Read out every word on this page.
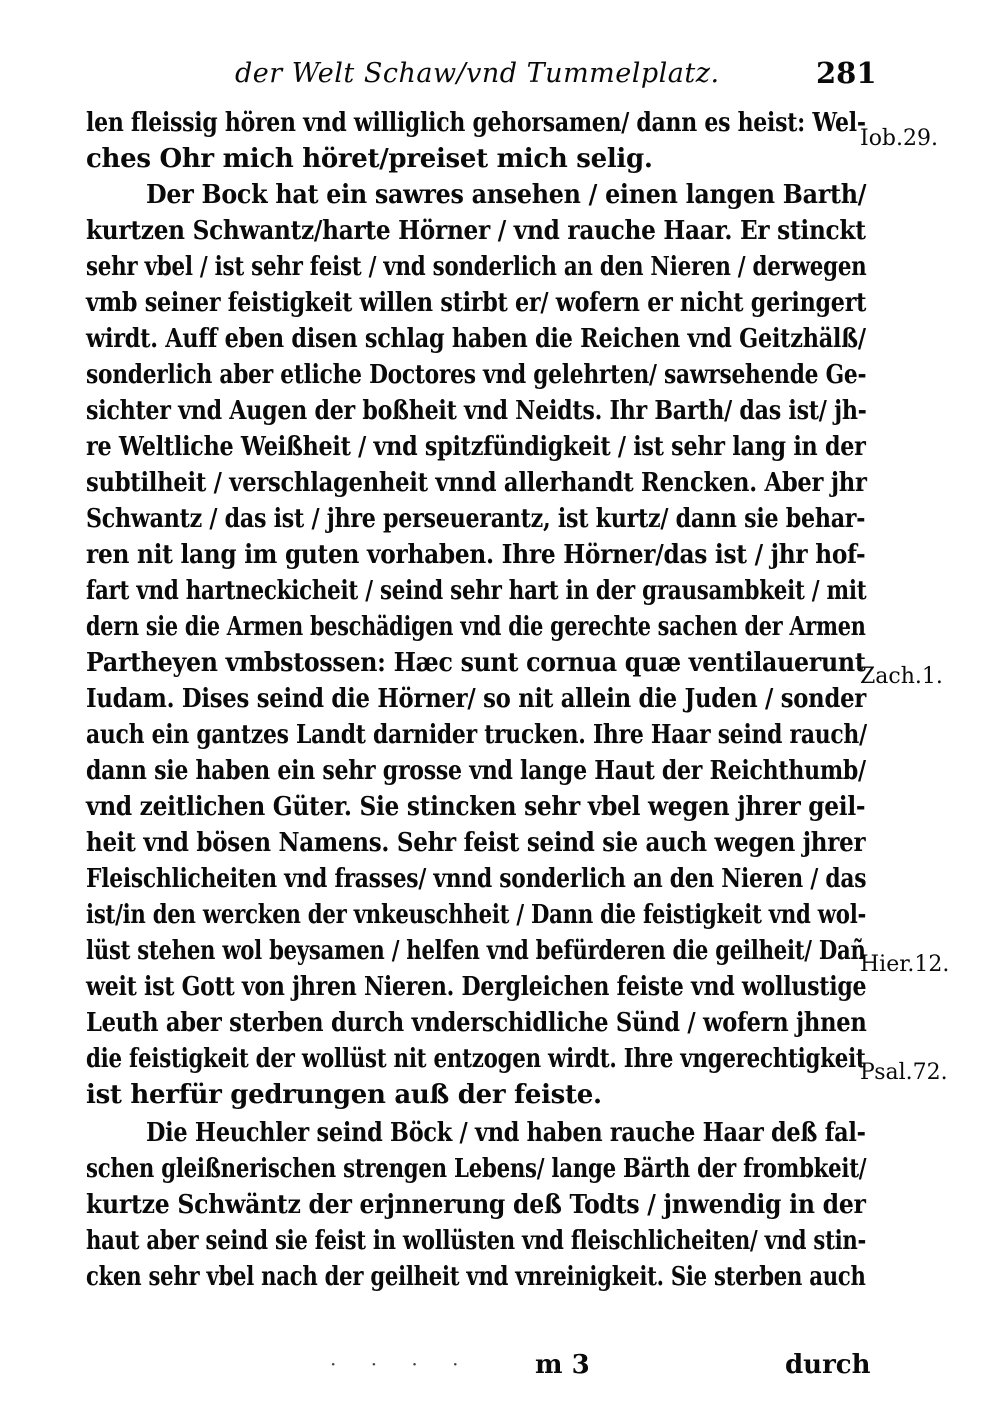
der Welt Schaw/vnd Tummelplatz.	281
len fleissig hören vnd williglich gehorsamen/ dann es heist: Wel-
ches Ohr mich höret/preiset mich selig.
Der Bock hat ein sawres ansehen / einen langen Barth/
kurtzen Schwantz/harte Hörner / vnd rauche Haar. Er stinckt
sehr vbel / ist sehr feist / vnd sonderlich an den Nieren / derwegen
vmb seiner feistigkeit willen stirbt er/ wofern er nicht geringert
wirdt. Auff eben disen schlag haben die Reichen vnd Geitzhälß/
sonderlich aber etliche Doctores vnd gelehrten/ sawrsehende Ge-
sichter vnd Augen der boßheit vnd Neidts. Ihr Barth/ das ist/ jh-
re Weltliche Weißheit / vnd spitzfündigkeit / ist sehr lang in der
subtilheit / verschlagenheit vnnd allerhandt Rencken. Aber jhr
Schwantz / das ist / jhre perseuerantz, ist kurtz/ dann sie behar-
ren nit lang im guten vorhaben. Ihre Hörner/das ist / jhr hof-
fart vnd hartneckicheit / seind sehr hart in der grausambkeit / mit
dern sie die Armen beschädigen vnd die gerechte sachen der Armen
Partheyen vmbstossen: Hæc sunt cornua quæ ventilauerunt
Iudam. Dises seind die Hörner/ so nit allein die Juden / sonder
auch ein gantzes Landt darnider trucken. Ihre Haar seind rauch/
dann sie haben ein sehr grosse vnd lange Haut der Reichthumb/
vnd zeitlichen Güter. Sie stincken sehr vbel wegen jhrer geil-
heit vnd bösen Namens. Sehr feist seind sie auch wegen jhrer
Fleischlicheiten vnd frasses/ vnnd sonderlich an den Nieren / das
ist/in den wercken der vnkeuschheit / Dann die feistigkeit vnd wol-
lüst stehen wol beysamen / helfen vnd befürderen die geilheit/ Dañ
weit ist Gott von jhren Nieren. Dergleichen feiste vnd wollustige
Leuth aber sterben durch vnderschidliche Sünd / wofern jhnen
die feistigkeit der wollüst nit entzogen wirdt. Ihre vngerechtigkeit
ist herfür gedrungen auß der feiste.
Die Heuchler seind Böck / vnd haben rauche Haar deß fal-
schen gleißnerischen strengen Lebens/ lange Bärth der frombkeit/
kurtze Schwäntz der erjnnerung deß Todts / jnwendig in der
haut aber seind sie feist in wollüsten vnd fleischlicheiten/ vnd stin-
cken sehr vbel nach der geilheit vnd vnreinigkeit. Sie sterben auch
Iob.29.
Zach.1.
Hier.12.
Psal.72.
· · · · m 3	durch
